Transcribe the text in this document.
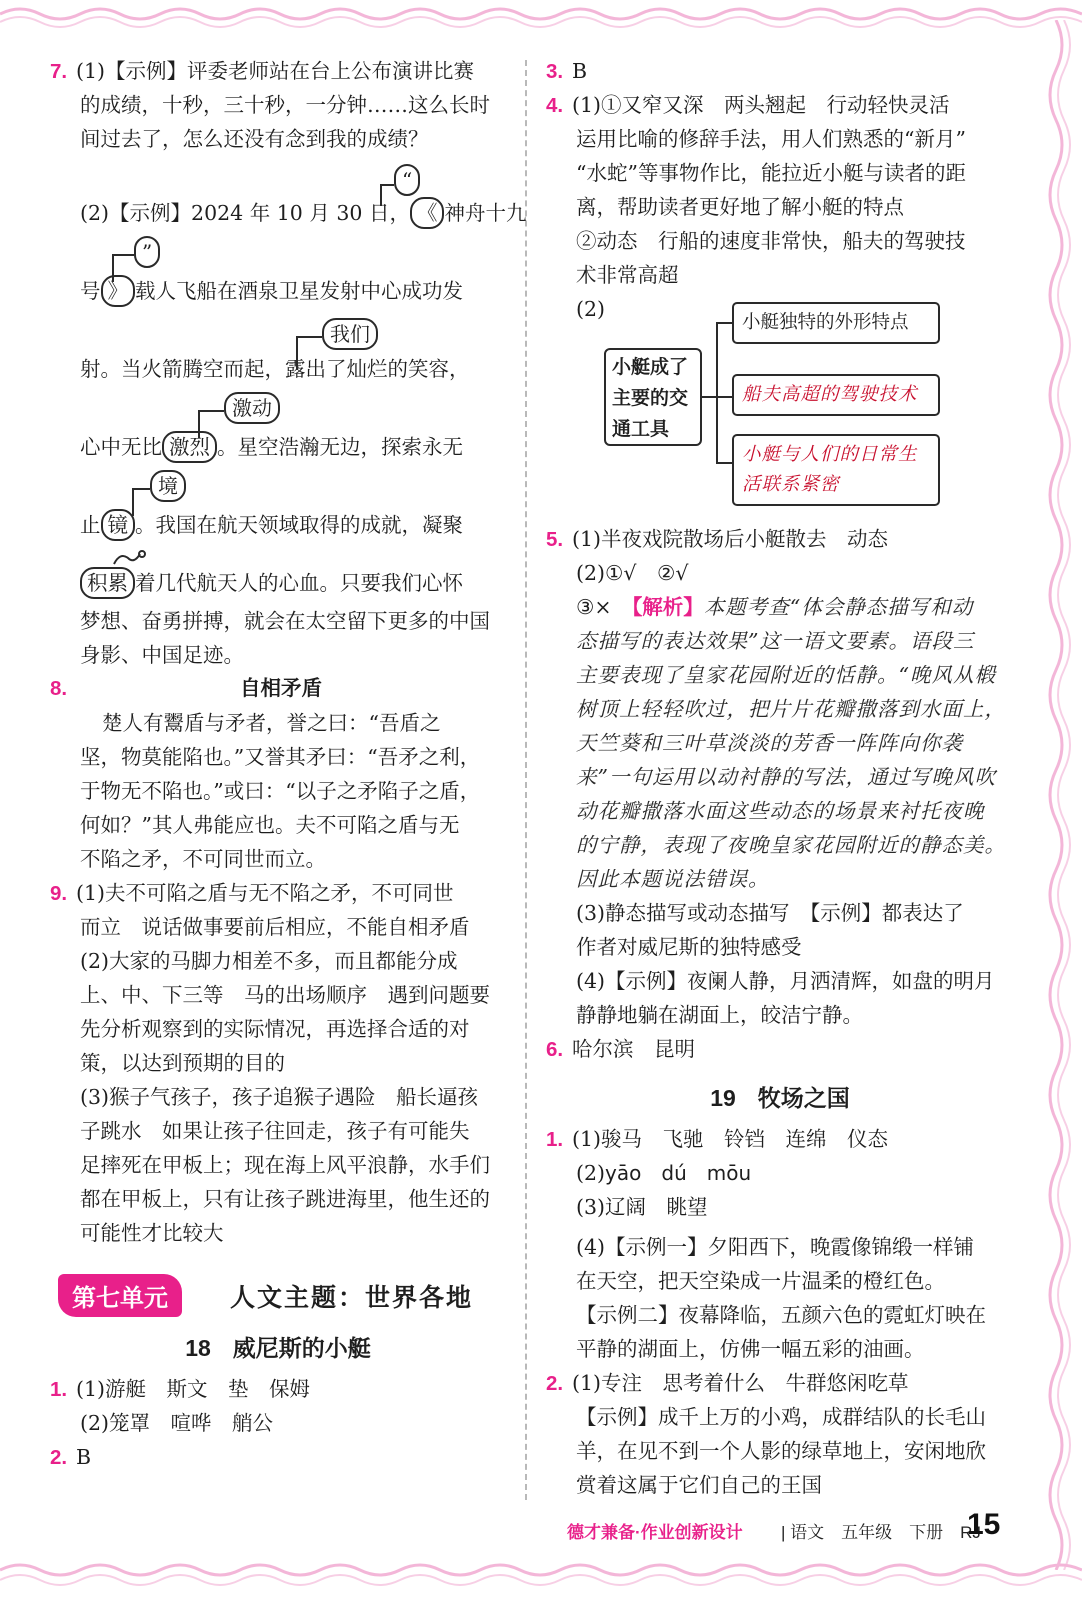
7. (1)【示例】评委老师站在台上公布演讲比赛
的成绩，十秒，三十秒，一分钟……这么长时
间过去了，怎么还没有念到我的成绩？
(2)【示例】2024 年 10 月 30 日， 《 神舟十九
“
号 》 载人飞船在酒泉卫星发射中心成功发
”
射。当火箭腾空而起，露出了灿烂的笑容，
我们
心中无比 激烈 。星空浩瀚无边，探索永无
激动
止 镜 。我国在航天领域取得的成就，凝聚
境
积累 着几代航天人的心血。只要我们心怀
梦想、奋勇拼搏，就会在太空留下更多的中国
身影、中国足迹。
8.	自相矛盾
楚人有鬻盾与矛者，誉之曰：“吾盾之
坚，物莫能陷也。”又誉其矛曰：“吾矛之利，
于物无不陷也。”或曰：“以子之矛陷子之盾，
何如？”其人弗能应也。夫不可陷之盾与无
不陷之矛，不可同世而立。
9. (1)夫不可陷之盾与无不陷之矛，不可同世
而立　说话做事要前后相应，不能自相矛盾
(2)大家的马脚力相差不多，而且都能分成
上、中、下三等　马的出场顺序　遇到问题要
先分析观察到的实际情况，再选择合适的对
策，以达到预期的目的
(3)猴子气孩子，孩子追猴子遇险　船长逼孩
子跳水　如果让孩子往回走，孩子有可能失
足摔死在甲板上；现在海上风平浪静，水手们
都在甲板上，只有让孩子跳进海里，他生还的
可能性才比较大
第七单元	人文主题：世界各地
18 威尼斯的小艇
1. (1)游艇　斯文　垫　保姆
(2)笼罩　喧哗　艄公
2. B
3. B
4. (1)①又窄又深　两头翘起　行动轻快灵活
运用比喻的修辞手法，用人们熟悉的“新月”
“水蛇”等事物作比，能拉近小艇与读者的距
离，帮助读者更好地了解小艇的特点
②动态　行船的速度非常快，船夫的驾驶技
术非常高超
(2)
小艇成了
主要的交
通工具
小艇独特的外形特点
船夫高超的驾驶技术
小艇与人们的日常生活联系紧密
5. (1)半夜戏院散场后小艇散去　动态
(2)①√　②√
③×　【解析】本题考查“体会静态描写和动
态描写的表达效果”这一语文要素。语段三
主要表现了皇家花园附近的恬静。“晚风从椴
树顶上轻轻吹过，把片片花瓣撒落到水面上，
天竺葵和三叶草淡淡的芳香一阵阵向你袭
来”一句运用以动衬静的写法，通过写晚风吹
动花瓣撒落水面这些动态的场景来衬托夜晚
的宁静，表现了夜晚皇家花园附近的静态美。
因此本题说法错误。
(3)静态描写或动态描写　【示例】都表达了
作者对威尼斯的独特感受
(4)【示例】夜阑人静，月洒清辉，如盘的明月
静静地躺在湖面上，皎洁宁静。
6. 哈尔滨　昆明
19 牧场之国
1. (1)骏马　飞驰　铃铛　连绵　仪态
(2)yāo　dú　mōu
(3)辽阔　眺望
(4)【示例一】夕阳西下，晚霞像锦缎一样铺
在天空，把天空染成一片温柔的橙红色。
【示例二】夜幕降临，五颜六色的霓虹灯映在
平静的湖面上，仿佛一幅五彩的油画。
2. (1)专注　思考着什么　牛群悠闲吃草
【示例】成千上万的小鸡，成群结队的长毛山
羊，在见不到一个人影的绿草地上，安闲地欣
赏着这属于它们自己的王国
德才兼备·作业创新设计 | 语文　五年级　下册　RJ
15
